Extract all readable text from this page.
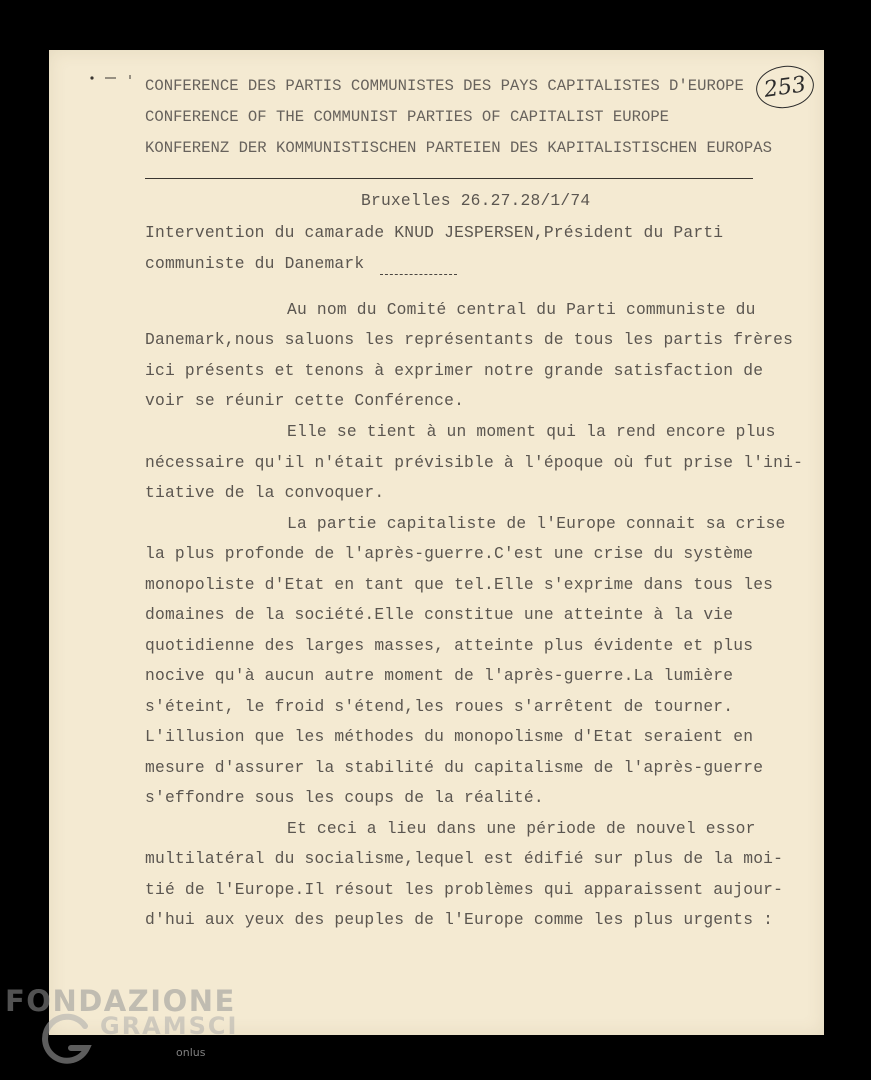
253
CONFERENCE DES PARTIS COMMUNISTES DES PAYS CAPITALISTES D'EUROPE
CONFERENCE OF THE COMMUNIST PARTIES OF CAPITALIST EUROPE
KONFERENZ DER KOMMUNISTISCHEN PARTEIEN DES KAPITALISTISCHEN EUROPAS
Bruxelles 26.27.28/1/74
Intervention du camarade KNUD JESPERSEN,Président du Parti
communiste du Danemark
Au nom du Comité central du Parti communiste du
Danemark,nous saluons les représentants de tous les partis frères
ici présents et tenons à exprimer notre grande satisfaction de
voir se réunir cette Conférence.
Elle se tient à un moment qui la rend encore plus
nécessaire qu'il n'était prévisible à l'époque où fut prise l'ini-
tiative de la convoquer.
La partie capitaliste de l'Europe connait sa crise
la plus profonde de l'après-guerre.C'est une crise du système
monopoliste d'Etat en tant que tel.Elle s'exprime dans tous les
domaines de la société.Elle constitue une atteinte à la vie
quotidienne des larges masses, atteinte plus évidente et plus
nocive qu'à aucun autre moment de l'après-guerre.La lumière
s'éteint, le froid s'étend,les roues s'arrêtent de tourner.
L'illusion que les méthodes du monopolisme d'Etat seraient en
mesure d'assurer la stabilité du capitalisme de l'après-guerre
s'effondre sous les coups de la réalité.
Et ceci a lieu dans une période de nouvel essor
multilatéral du socialisme,lequel est édifié sur plus de la moi-
tié de l'Europe.Il résout les problèmes qui apparaissent aujour-
d'hui aux yeux des peuples de l'Europe comme les plus urgents :
FONDAZIONE
GRAMSCI
onlus
